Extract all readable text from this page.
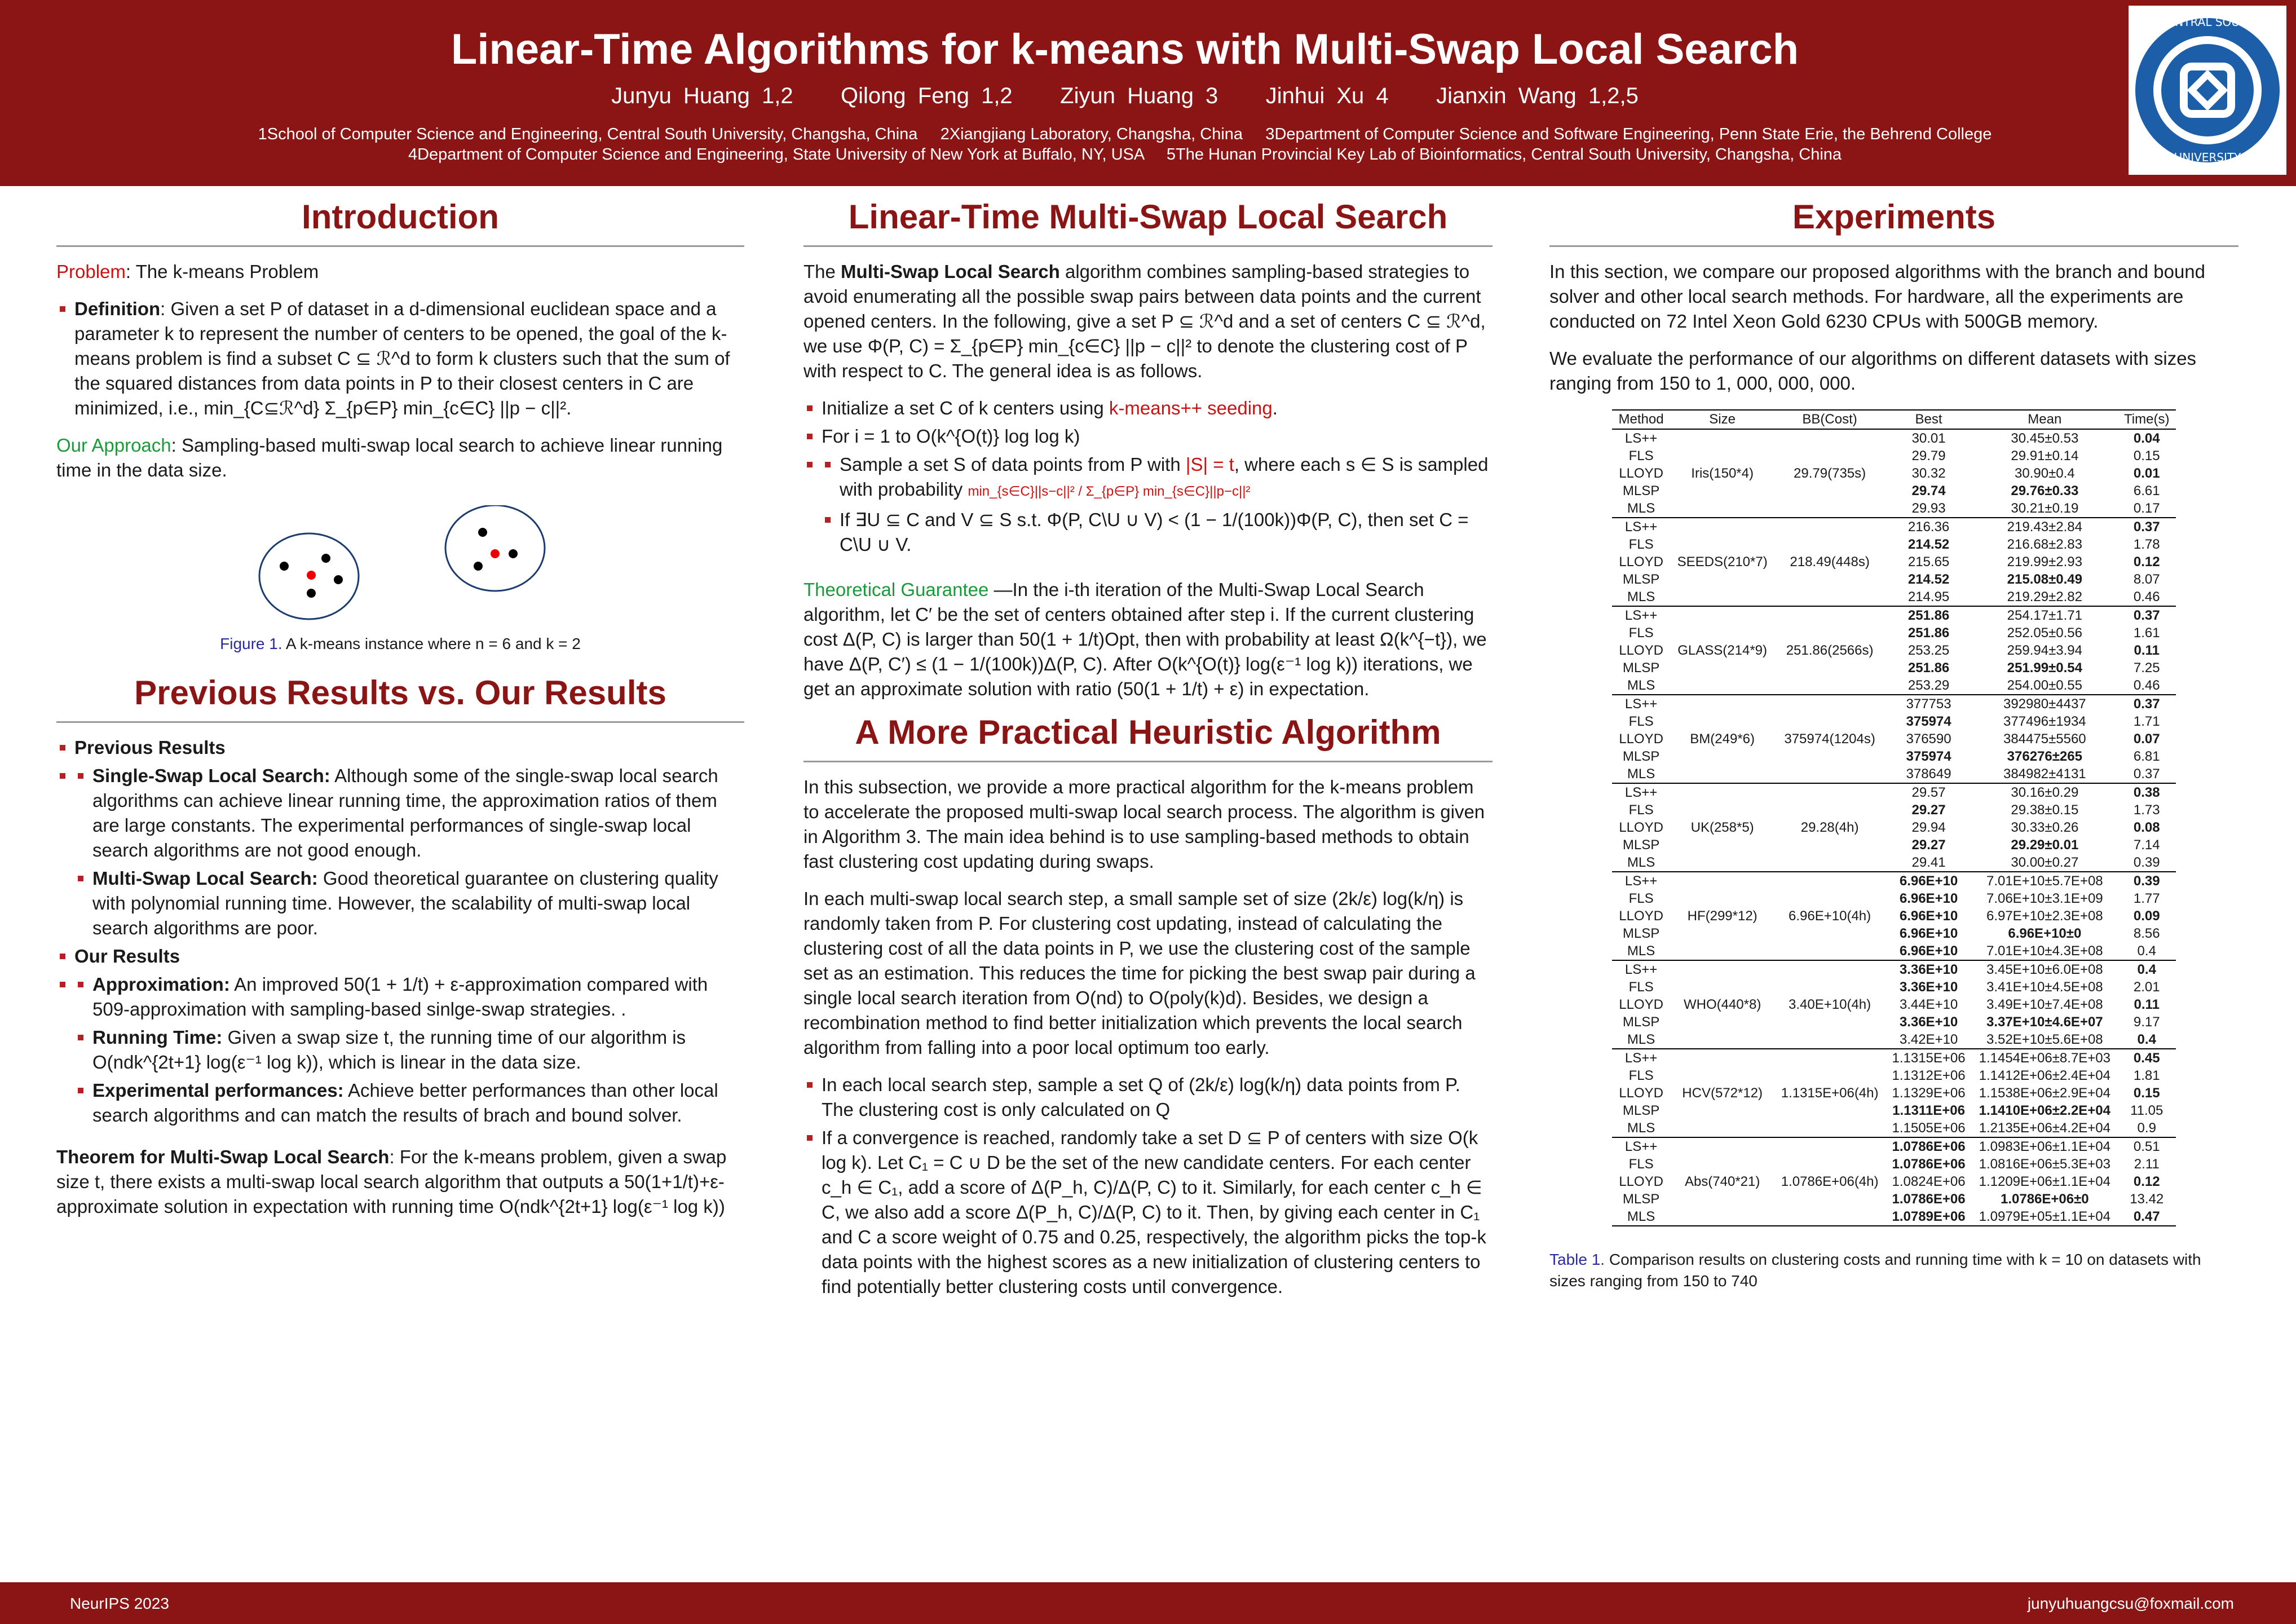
Linear-Time Algorithms for k-means with Multi-Swap Local Search
Junyu Huang 1,2 Qilong Feng 1,2 Ziyun Huang 3 Jinhui Xu 4 Jianxin Wang 1,2,5
1School of Computer Science and Engineering, Central South University, Changsha, China     2Xiangjiang Laboratory, Changsha, China     3Department of Computer Science and Software Engineering, Penn State Erie, the Behrend College
4Department of Computer Science and Engineering, State University of New York at Buffalo, NY, USA     5The Hunan Provincial Key Lab of Bioinformatics, Central South University, Changsha, China
CENTRAL SOUTH
UNIVERSITY
Introduction

Problem: The k-means Problem

Definition: Given a set P of dataset in a d-dimensional euclidean space and a parameter k to represent the number of centers to be opened, the goal of the k-means problem is find a subset C ⊆ ℛ^d to form k clusters such that the sum of the squared distances from data points in P to their closest centers in C are minimized, i.e., min_{C⊆ℛ^d} Σ_{p∈P} min_{c∈C} ||p − c||².

Our Approach: Sampling-based multi-swap local search to achieve linear running time in the data size.

Figure 1. A k-means instance where n = 6 and k = 2
Previous Results vs. Our Results
Previous Results
Single-Swap Local Search: Although some of the single-swap local search algorithms can achieve linear running time, the approximation ratios of them are large constants. The experimental performances of single-swap local search algorithms are not good enough.
Multi-Swap Local Search: Good theoretical guarantee on clustering quality with polynomial running time. However, the scalability of multi-swap local search algorithms are poor.
Our Results
Approximation: An improved 50(1 + 1/t) + ε-approximation compared with 509-approximation with sampling-based sinlge-swap strategies. .
Running Time: Given a swap size t, the running time of our algorithm is O(ndk^{2t+1} log(ε⁻¹ log k)), which is linear in the data size.
Experimental performances: Achieve better performances than other local search algorithms and can match the results of brach and bound solver.

Theorem for Multi-Swap Local Search: For the k-means problem, given a swap size t, there exists a multi-swap local search algorithm that outputs a 50(1+1/t)+ε-approximate solution in expectation with running time O(ndk^{2t+1} log(ε⁻¹ log k))

Linear-Time Multi-Swap Local Search

The Multi-Swap Local Search algorithm combines sampling-based strategies to avoid enumerating all the possible swap pairs between data points and the current opened centers. In the following, give a set P ⊆ ℛ^d and a set of centers C ⊆ ℛ^d, we use Φ(P, C) = Σ_{p∈P} min_{c∈C} ||p − c||² to denote the clustering cost of P with respect to C. The general idea is as follows.

Initialize a set C of k centers using k-means++ seeding.
For i = 1 to O(k^{O(t)} log log k)
Sample a set S of data points from P with |S| = t, where each s ∈ S is sampled with probability min_{s∈C}||s−c||² / Σ_{p∈P} min_{s∈C}||p−c||²
If ∃U ⊆ C and V ⊆ S s.t. Φ(P, C\U ∪ V) < (1 − 1/(100k))Φ(P, C), then set C = C\U ∪ V.

Theoretical Guarantee —In the i-th iteration of the Multi-Swap Local Search algorithm, let C′ be the set of centers obtained after step i. If the current clustering cost Δ(P, C) is larger than 50(1 + 1/t)Opt, then with probability at least Ω(k^{−t}), we have Δ(P, C′) ≤ (1 − 1/(100k))Δ(P, C). After O(k^{O(t)} log(ε⁻¹ log k)) iterations, we get an approximate solution with ratio (50(1 + 1/t) + ε) in expectation.

A More Practical Heuristic Algorithm

In this subsection, we provide a more practical algorithm for the k-means problem to accelerate the proposed multi-swap local search process. The algorithm is given in Algorithm 3. The main idea behind is to use sampling-based methods to obtain fast clustering cost updating during swaps.

In each multi-swap local search step, a small sample set of size (2k/ε) log(k/η) is randomly taken from P. For clustering cost updating, instead of calculating the clustering cost of all the data points in P, we use the clustering cost of the sample set as an estimation. This reduces the time for picking the best swap pair during a single local search iteration from O(nd) to O(poly(k)d). Besides, we design a recombination method to find better initialization which prevents the local search algorithm from falling into a poor local optimum too early.

In each local search step, sample a set Q of (2k/ε) log(k/η) data points from P. The clustering cost is only calculated on Q
If a convergence is reached, randomly take a set D ⊆ P of centers with size O(k log k). Let C₁ = C ∪ D be the set of the new candidate centers. For each center c_h ∈ C₁, add a score of Δ(P_h, C)/Δ(P, C) to it. Similarly, for each center c_h ∈ C, we also add a score Δ(P_h, C)/Δ(P, C) to it. Then, by giving each center in C₁ and C a score weight of 0.75 and 0.25, respectively, the algorithm picks the top-k data points with the highest scores as a new initialization of clustering centers to find potentially better clustering costs until convergence.
Experiments

In this section, we compare our proposed algorithms with the branch and bound solver and other local search methods. For hardware, all the experiments are conducted on 72 Intel Xeon Gold 6230 CPUs with 500GB memory.

We evaluate the performance of our algorithms on different datasets with sizes ranging from 150 to 1, 000, 000, 000.

Method	Size	BB(Cost)	Best	Mean	Time(s)
LS++			30.01	30.45±0.53	0.04
FLS			29.79	29.91±0.14	0.15
LLOYD	Iris(150*4)	29.79(735s)	30.32	30.90±0.4	0.01
MLSP			29.74	29.76±0.33	6.61
MLS			29.93	30.21±0.19	0.17
LS++			216.36	219.43±2.84	0.37
FLS			214.52	216.68±2.83	1.78
LLOYD	SEEDS(210*7)	218.49(448s)	215.65	219.99±2.93	0.12
MLSP			214.52	215.08±0.49	8.07
MLS			214.95	219.29±2.82	0.46
LS++			251.86	254.17±1.71	0.37
FLS			251.86	252.05±0.56	1.61
LLOYD	GLASS(214*9)	251.86(2566s)	253.25	259.94±3.94	0.11
MLSP			251.86	251.99±0.54	7.25
MLS			253.29	254.00±0.55	0.46
LS++			377753	392980±4437	0.37
FLS			375974	377496±1934	1.71
LLOYD	BM(249*6)	375974(1204s)	376590	384475±5560	0.07
MLSP			375974	376276±265	6.81
MLS			378649	384982±4131	0.37
LS++			29.57	30.16±0.29	0.38
FLS			29.27	29.38±0.15	1.73
LLOYD	UK(258*5)	29.28(4h)	29.94	30.33±0.26	0.08
MLSP			29.27	29.29±0.01	7.14
MLS			29.41	30.00±0.27	0.39
LS++			6.96E+10	7.01E+10±5.7E+08	0.39
FLS			6.96E+10	7.06E+10±3.1E+09	1.77
LLOYD	HF(299*12)	6.96E+10(4h)	6.96E+10	6.97E+10±2.3E+08	0.09
MLSP			6.96E+10	6.96E+10±0	8.56
MLS			6.96E+10	7.01E+10±4.3E+08	0.4
LS++			3.36E+10	3.45E+10±6.0E+08	0.4
FLS			3.36E+10	3.41E+10±4.5E+08	2.01
LLOYD	WHO(440*8)	3.40E+10(4h)	3.44E+10	3.49E+10±7.4E+08	0.11
MLSP			3.36E+10	3.37E+10±4.6E+07	9.17
MLS			3.42E+10	3.52E+10±5.6E+08	0.4
LS++			1.1315E+06	1.1454E+06±8.7E+03	0.45
FLS			1.1312E+06	1.1412E+06±2.4E+04	1.81
LLOYD	HCV(572*12)	1.1315E+06(4h)	1.1329E+06	1.1538E+06±2.9E+04	0.15
MLSP			1.1311E+06	1.1410E+06±2.2E+04	11.05
MLS			1.1505E+06	1.2135E+06±4.2E+04	0.9
LS++			1.0786E+06	1.0983E+06±1.1E+04	0.51
FLS			1.0786E+06	1.0816E+06±5.3E+03	2.11
LLOYD	Abs(740*21)	1.0786E+06(4h)	1.0824E+06	1.1209E+06±1.1E+04	0.12
MLSP			1.0786E+06	1.0786E+06±0	13.42
MLS			1.0789E+06	1.0979E+05±1.1E+04	0.47

Table 1. Comparison results on clustering costs and running time with k = 10 on datasets with sizes ranging from 150 to 740

NeurIPS 2023	junyuhuangcsu@foxmail.com
